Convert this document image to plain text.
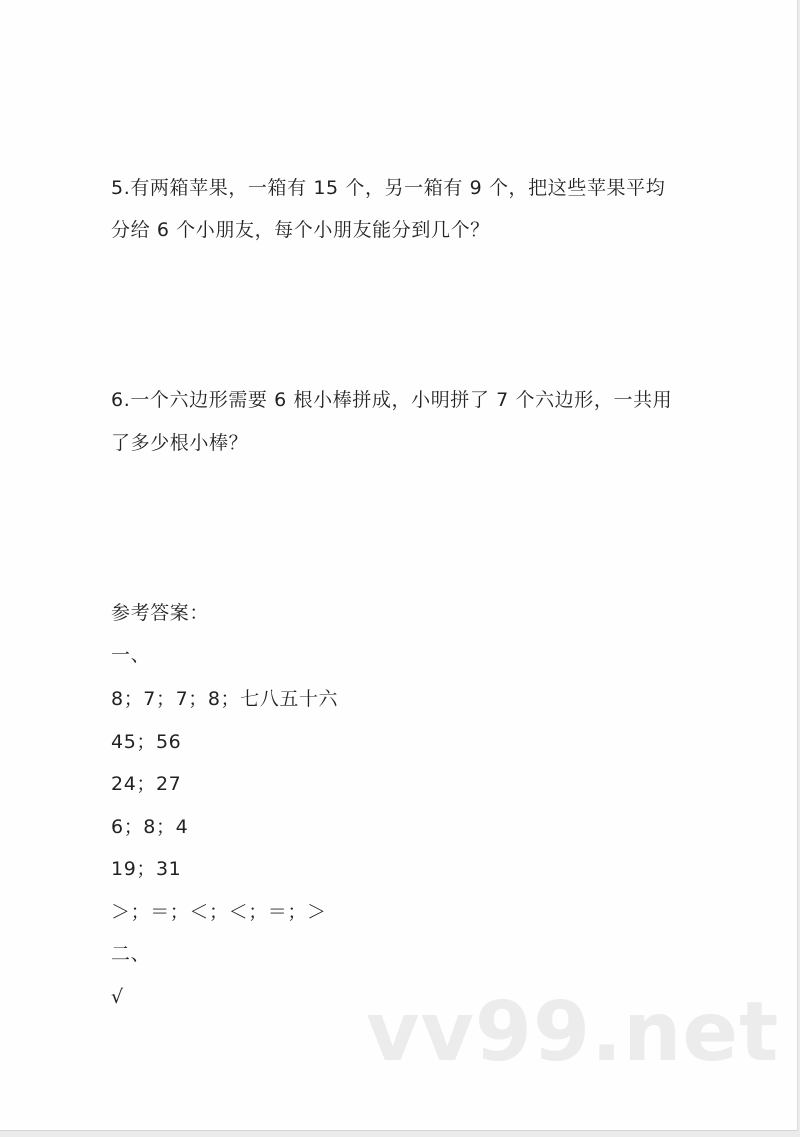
5.有两箱苹果，一箱有 15 个，另一箱有 9 个，把这些苹果平均
分给 6 个小朋友，每个小朋友能分到几个？
6.一个六边形需要 6 根小棒拼成，小明拼了 7 个六边形，一共用
了多少根小棒？
参考答案：
一、
8；7；7；8；七八五十六
45；56
24；27
6；8；4
19；31
＞；＝；＜；＜；＝；＞
二、
√	vv99.net
